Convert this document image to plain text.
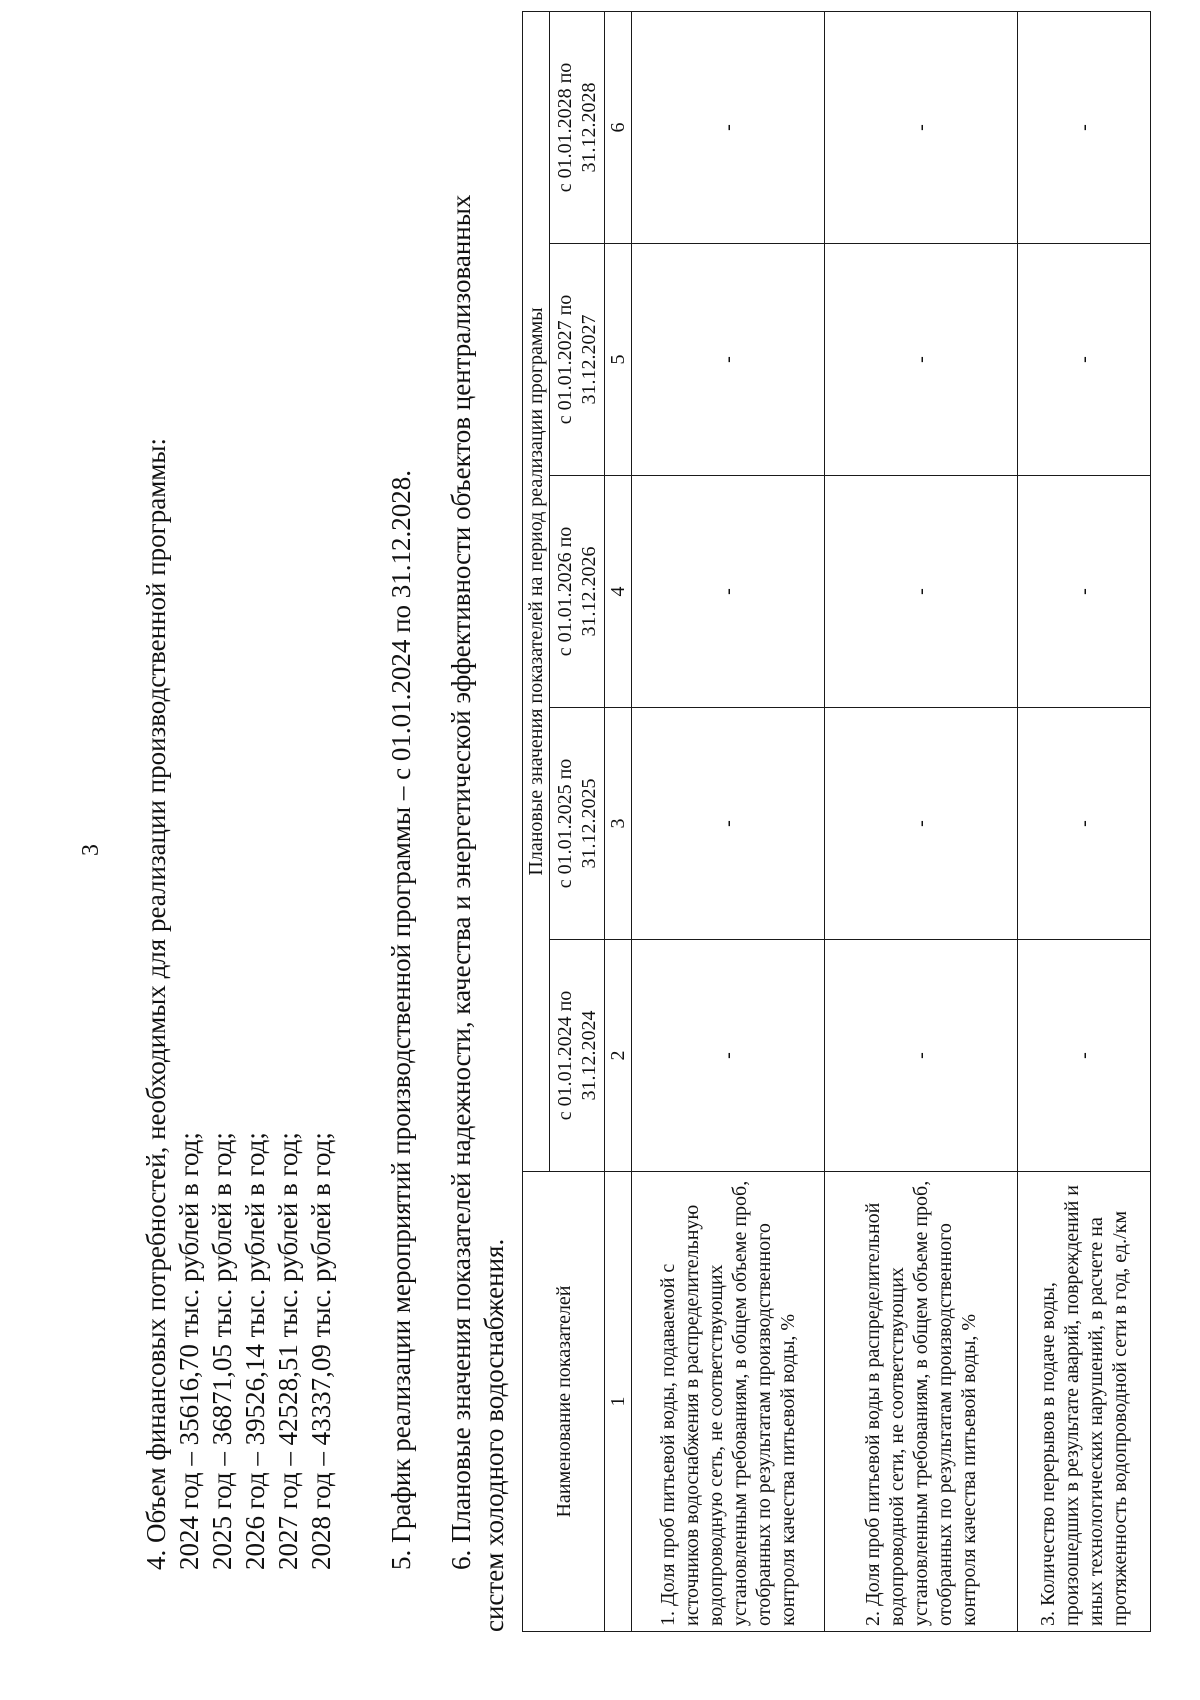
3 4. Объем финансовых потребностей, необходимых для реализации производственной программы: 2024 год – 35616,70 тыс. рублей в год; 2025 год – 36871,05 тыс. рублей в год; 2026 год – 39526,14 тыс. рублей в год; 2027 год – 42528,51 тыс. рублей в год; 2028 год – 43337,09 тыс. рублей в год; 5. График реализации мероприятий производственной программы – с 01.01.2024 по 31.12.2028. 6. Плановые значения показателей надежности, качества и энергетической эффективности объектов централизованных систем холодного водоснабжения. Наименование показателей	Плановые значения показателей на период реализации программы				
	с 01.01.2024 по 31.12.2024	с 01.01.2025 по 31.12.2025	с 01.01.2026 по 31.12.2026	с 01.01.2027 по 31.12.2027	с 01.01.2028 по 31.12.2028
1	2	3	4	5	6
1. Доля проб питьевой воды, подаваемой с источников водоснабжения в распределительную водопроводную сеть, не соответствующих установленным требованиям, в общем объеме проб, отобранных по результатам производственного контроля качества питьевой воды, %	-	-	-	-	-
2. Доля проб питьевой воды в распределительной водопроводной сети, не соответствующих установленным требованиям, в общем объеме проб, отобранных по результатам производственного контроля качества питьевой воды, %	-	-	-	-	-
3. Количество перерывов в подаче воды, произошедших в результате аварий, повреждений и иных технологических нарушений, в расчете на протяженность водопроводной сети в год, ед./км	-	-	-	-	-
